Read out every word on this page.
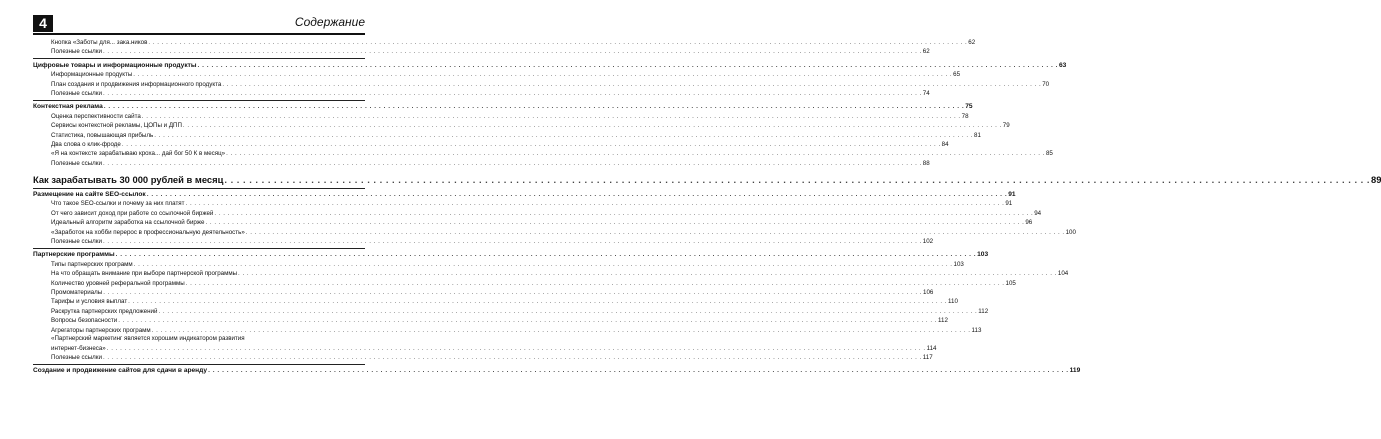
4	Содержание
Кнопка «Заботы для... зака.ников . . .	62
Полезные ссылки . . .	62
Цифровые товары и информационные продукты . . .	63
Информационные продукты . . .	65
План создания и продвижения информационного продукта . . .	70
Полезные ссылки . . .	74
Контекстная реклама . . .	75
Оценка перспективности сайта . . .	78
Сервисы контекстной рекламы, ЦОПы и ДПП . . .	79
Статистика, повышающая прибыль . . .	81
Два слова о клик-фроде . . .	84
«Я на контексте зарабатываю кроха... дай бог 50 К в месяц» . . .	85
Полезные ссылки . . .	88
Как зарабатывать 30 000 рублей в месяц . . .	89
Размещение на сайте SEO-ссылок . . .	91
Что такое SEO-ссылки и почему за них платят . . .	91
От чего зависит доход при работе со ссылочной биржей . . .	94
Идеальный алгоритм заработка на ссылочной бирже . . .	96
«Заработок на хобби перерос в профессиональную деятельность» . . .	100
Полезные ссылки . . .	102
Партнерские программы . . .	103
Типы партнерских программ . . .	103
На что обращать внимание при выборе партнерской программы . . .	104
Количество уровней реферальной программы . . .	105
Промоматериалы . . .	106
Тарифы и условия выплат . . .	110
Раскрутка партнерских предложений . . .	112
Вопросы безопасности . . .	112
Агрегаторы партнерских программ . . .	113
«Партнерский маркетинг является хорошим индикатором развития
интернет-бизнеса» . . .	114
Полезные ссылки . . .	117
Создание и продвижение сайтов для сдачи в аренду . . .	119
